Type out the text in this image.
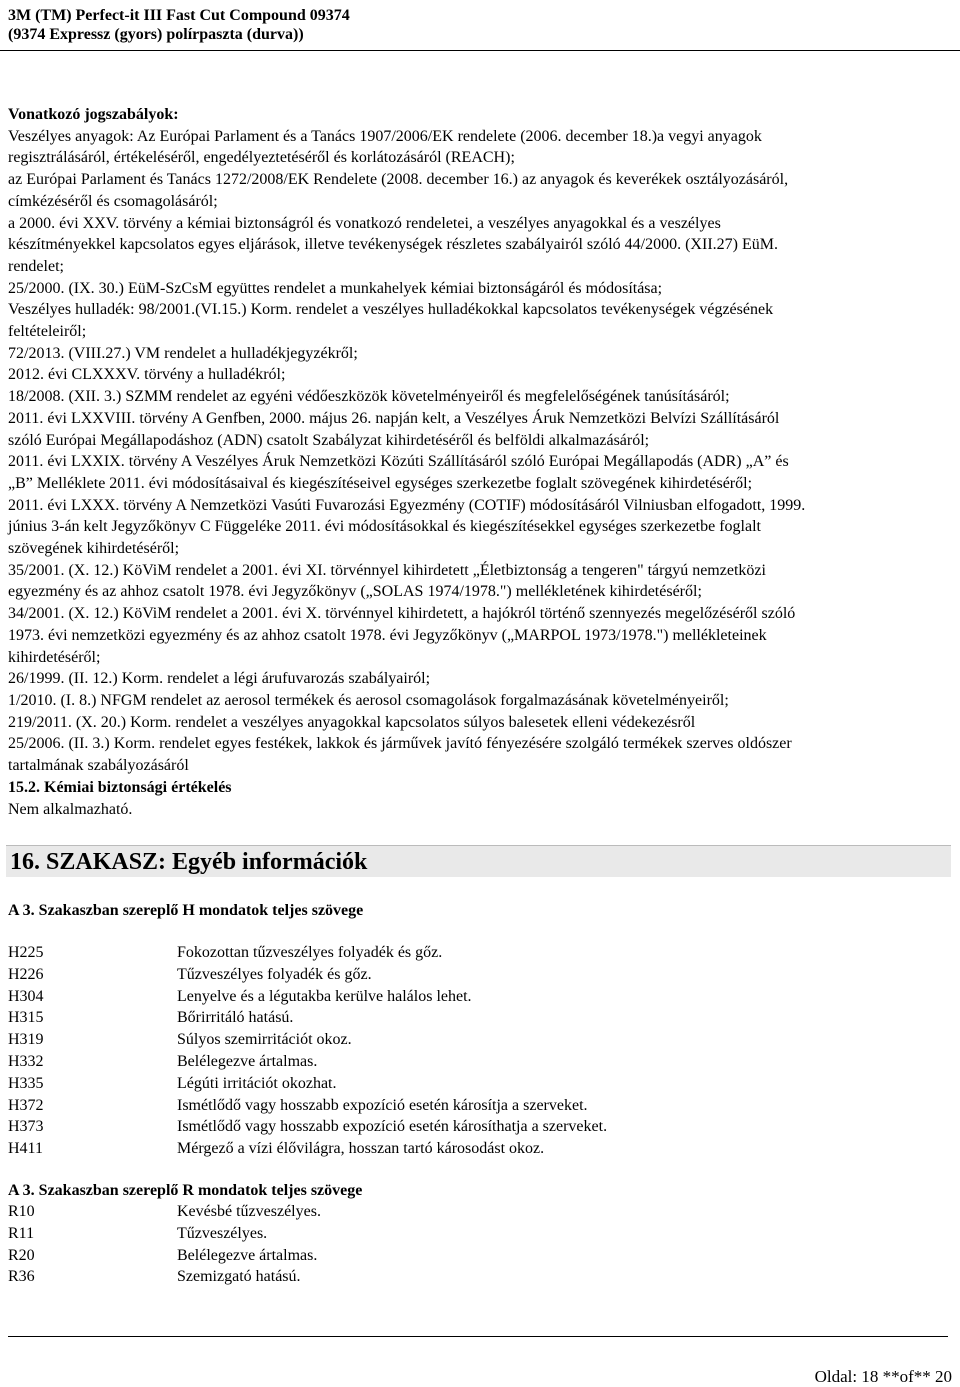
3M (TM) Perfect-it III Fast Cut Compound 09374
(9374 Expressz (gyors) polírpaszta (durva))

Vonatkozó jogszabályok:

Veszélyes anyagok: Az Európai Parlament és a Tanács 1907/2006/EK rendelete (2006. december 18.)a vegyi anyagok

regisztrálásáról, értékeléséről, engedélyeztetéséről és korlátozásáról (REACH);

az Európai Parlament és Tanács 1272/2008/EK Rendelete (2008. december 16.) az anyagok és keverékek osztályozásáról,

címkézéséről és csomagolásáról;

a 2000. évi XXV. törvény a kémiai biztonságról és vonatkozó rendeletei, a veszélyes anyagokkal és a veszélyes

készítményekkel kapcsolatos egyes eljárások, illetve tevékenységek részletes szabályairól szóló 44/2000. (XII.27) EüM.

rendelet;

25/2000. (IX. 30.) EüM-SzCsM együttes rendelet a munkahelyek kémiai biztonságáról és módosítása;

Veszélyes hulladék: 98/2001.(VI.15.) Korm. rendelet a veszélyes hulladékokkal kapcsolatos tevékenységek végzésének

feltételeiről;

72/2013. (VIII.27.) VM rendelet a hulladékjegyzékről;

2012. évi CLXXXV. törvény a hulladékról;

18/2008. (XII. 3.) SZMM rendelet az egyéni védőeszközök követelményeiről és megfelelőségének tanúsításáról;

2011. évi LXXVIII. törvény A Genfben, 2000. május 26. napján kelt, a Veszélyes Áruk Nemzetközi Belvízi Szállításáról

szóló Európai Megállapodáshoz (ADN) csatolt Szabályzat kihirdetéséről és belföldi alkalmazásáról;

2011. évi LXXIX. törvény A Veszélyes Áruk Nemzetközi Közúti Szállításáról szóló Európai Megállapodás (ADR) „A” és

„B” Melléklete 2011. évi módosításaival és kiegészítéseivel egységes szerkezetbe foglalt szövegének kihirdetéséről;

2011. évi LXXX. törvény A Nemzetközi Vasúti Fuvarozási Egyezmény (COTIF) módosításáról Vilniusban elfogadott, 1999.

június 3-án kelt Jegyzőkönyv C Függeléke 2011. évi módosításokkal és kiegészítésekkel egységes szerkezetbe foglalt

szövegének kihirdetéséről;

35/2001. (X. 12.) KöViM rendelet a 2001. évi XI. törvénnyel kihirdetett „Életbiztonság a tengeren" tárgyú nemzetközi

egyezmény és az ahhoz csatolt 1978. évi Jegyzőkönyv („SOLAS 1974/1978.") mellékletének kihirdetéséről;

34/2001. (X. 12.) KöViM rendelet a 2001. évi X. törvénnyel kihirdetett, a hajókról történő szennyezés megelőzéséről szóló

1973. évi nemzetközi egyezmény és az ahhoz csatolt 1978. évi Jegyzőkönyv („MARPOL 1973/1978.") mellékleteinek

kihirdetéséről;

26/1999. (II. 12.) Korm. rendelet a légi árufuvarozás szabályairól;

1/2010. (I. 8.) NFGM rendelet az aerosol termékek és aerosol csomagolások forgalmazásának követelményeiről;

219/2011. (X. 20.) Korm. rendelet a veszélyes anyagokkal kapcsolatos súlyos balesetek elleni védekezésről

25/2006. (II. 3.) Korm. rendelet egyes festékek, lakkok és járművek javító fényezésére szolgáló termékek szerves oldószer

tartalmának szabályozásáról

15.2. Kémiai biztonsági értékelés

Nem alkalmazható.

16. SZAKASZ: Egyéb információk
A 3. Szakaszban szereplő H mondatok teljes szövege
H225	Fokozottan tűzveszélyes folyadék és gőz.
H226	Tűzveszélyes folyadék és gőz.
H304	Lenyelve és a légutakba kerülve halálos lehet.
H315	Bőrirritáló hatású.
H319	Súlyos szemirritációt okoz.
H332	Belélegezve ártalmas.
H335	Légúti irritációt okozhat.
H372	Ismétlődő vagy hosszabb expozíció esetén károsítja a szerveket.
H373	Ismétlődő vagy hosszabb expozíció esetén károsíthatja a szerveket.
H411	Mérgező a vízi élővilágra, hosszan tartó károsodást okoz.
A 3. Szakaszban szereplő R mondatok teljes szövege
R10	Kevésbé tűzveszélyes.
R11	Tűzveszélyes.
R20	Belélegezve ártalmas.
R36	Szemizgató hatású.
Oldal: 18 **of** 20
